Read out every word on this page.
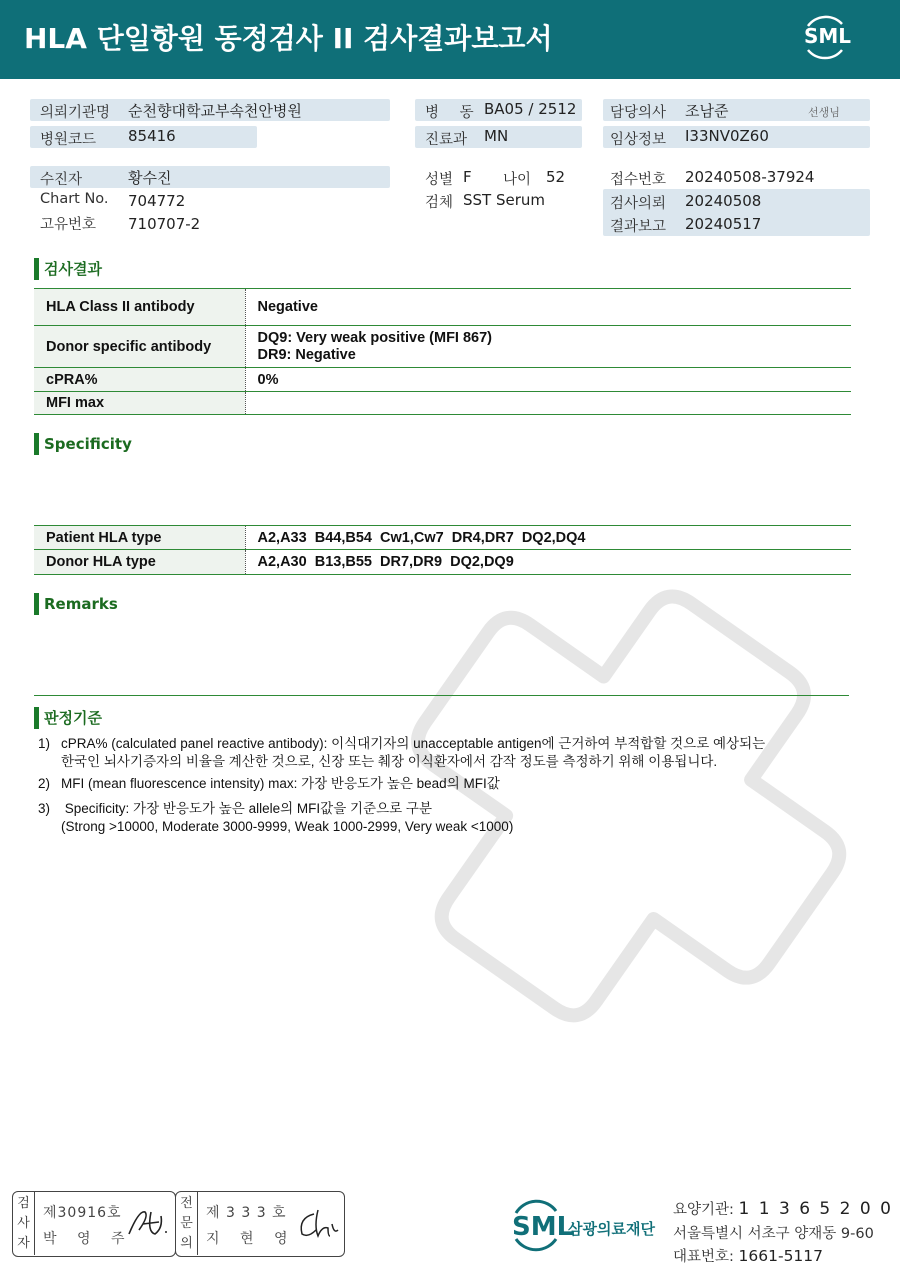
HLA 단일항원 동정검사 II 검사결과보고서	SML
의뢰기관명 순천향대학교부속천안병원
병원코드 85416
병 동 BA05 / 2512
진료과 MN
담당의사 조남준	선생님
임상정보 I33NV0Z60
수진자	황수진
Chart No. 704772
고유번호 710707-2
성별 F 나이 52
검체 SST Serum
접수번호 20240508-37924
검사의뢰 20240508
결과보고 20240517
검사결과
HLA Class II antibody	Negative
Donor specific antibody	DQ9: Very weak positive (MFI 867)
DR9: Negative

cPRA%	0%
MFI max	
Specificity
Patient HLA type	A2,A33  B44,B54  Cw1,Cw7  DR4,DR7  DQ2,DQ4
Donor HLA type	A2,A30  B13,B55  DR7,DR9  DQ2,DQ9
Remarks
판정기준
1) cPRA% (calculated panel reactive antibody): 이식대기자의 unacceptable antigen에 근거하여 부적합할 것으로 예상되는
한국인 뇌사기증자의 비율을 계산한 것으로, 신장 또는 췌장 이식환자에서 감작 정도를 측정하기 위해 이용됩니다.
2) MFI (mean fluorescence intensity) max: 가장 반응도가 높은 bead의 MFI값
3) Specificity: 가장 반응도가 높은 allele의 MFI값을 기준으로 구분
(Strong >10000, Moderate 3000-9999, Weak 1000-2999, Very weak <1000)
검사자
제30916호
박 영 주
전문의
제 3 3 3 호
지 현 영	SML
삼광의료재단
요양기관: 1 1 3 6 5 2 0 0
서울특별시 서초구 양재동 9-60
대표번호: 1661-5117
